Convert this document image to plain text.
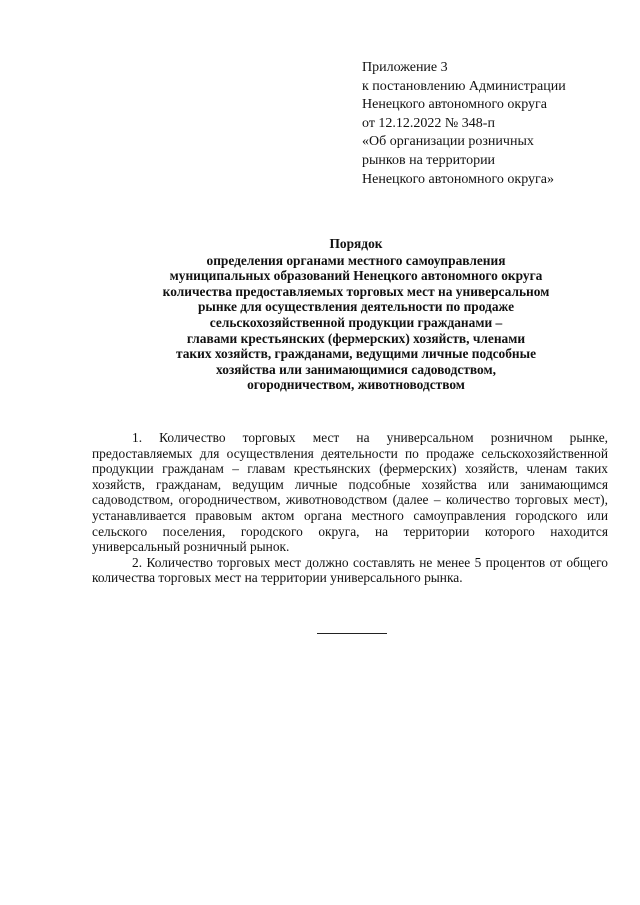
Приложение 3
к постановлению Администрации
Ненецкого автономного округа
от 12.12.2022 № 348-п
«Об организации розничных
рынков на территории
Ненецкого автономного округа»
Порядок
определения органами местного самоуправления
муниципальных образований Ненецкого автономного округа
количества предоставляемых торговых мест на универсальном
рынке для осуществления деятельности по продаже
сельскохозяйственной продукции гражданами –
главами крестьянских (фермерских) хозяйств, членами
таких хозяйств, гражданами, ведущими личные подсобные
хозяйства или занимающимися садоводством,
огородничеством, животноводством

1. Количество торговых мест на универсальном розничном рынке, предоставляемых для осуществления деятельности по продаже сельскохозяйственной продукции гражданам – главам крестьянских (фермерских) хозяйств, членам таких хозяйств, гражданам, ведущим личные подсобные хозяйства или занимающимся садоводством, огородничеством, животноводством (далее – количество торговых мест), устанавливается правовым актом органа местного самоуправления городского или сельского поселения, городского округа, на территории которого находится универсальный розничный рынок.

2. Количество торговых мест должно составлять не менее 5 процентов от общего количества торговых мест на территории универсального рынка.
